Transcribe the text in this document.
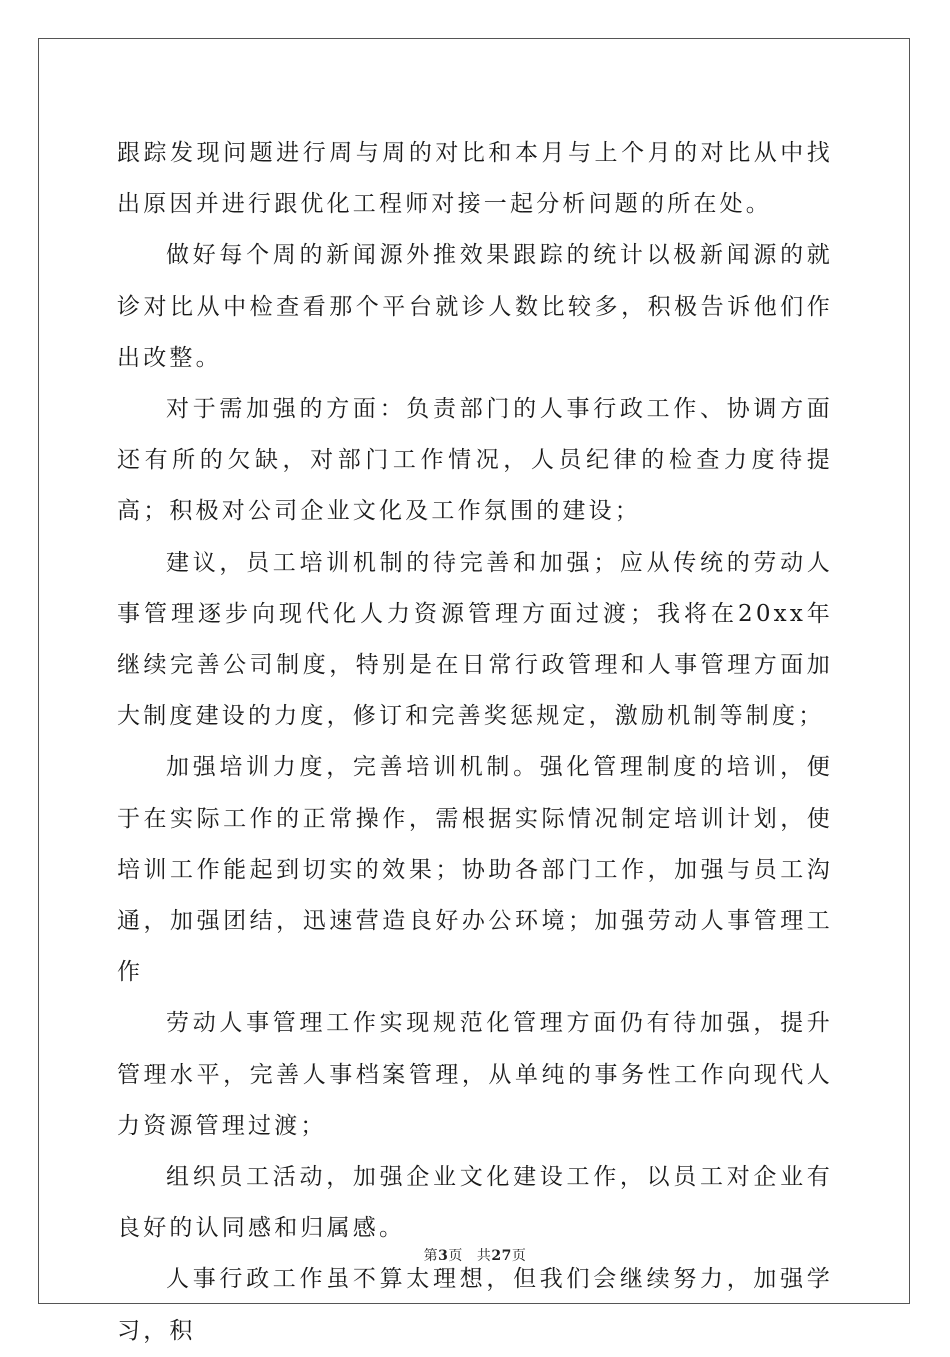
跟踪发现问题进行周与周的对比和本月与上个月的对比从中找出原因并进行跟优化工程师对接一起分析问题的所在处。

做好每个周的新闻源外推效果跟踪的统计以极新闻源的就诊对比从中检查看那个平台就诊人数比较多，积极告诉他们作出改整。

对于需加强的方面：负责部门的人事行政工作、协调方面还有所的欠缺，对部门工作情况，人员纪律的检查力度待提高；积极对公司企业文化及工作氛围的建设；

建议，员工培训机制的待完善和加强；应从传统的劳动人事管理逐步向现代化人力资源管理方面过渡；我将在20xx年继续完善公司制度，特别是在日常行政管理和人事管理方面加大制度建设的力度，修订和完善奖惩规定，激励机制等制度；

加强培训力度，完善培训机制。强化管理制度的培训，便于在实际工作的正常操作，需根据实际情况制定培训计划，使培训工作能起到切实的效果；协助各部门工作，加强与员工沟通，加强团结，迅速营造良好办公环境；加强劳动人事管理工作

劳动人事管理工作实现规范化管理方面仍有待加强，提升管理水平，完善人事档案管理，从单纯的事务性工作向现代人力资源管理过渡；

组织员工活动，加强企业文化建设工作，以员工对企业有良好的认同感和归属感。

人事行政工作虽不算太理想，但我们会继续努力，加强学习，积

第3页 共27页
